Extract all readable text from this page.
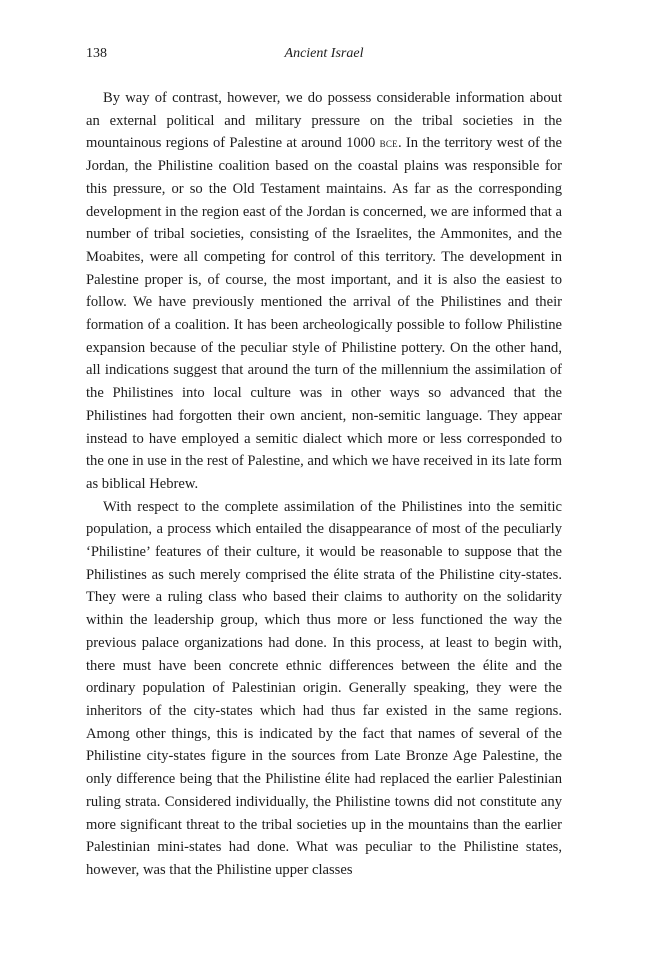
138	Ancient Israel

By way of contrast, however, we do possess considerable information about an external political and military pressure on the tribal societies in the mountainous regions of Palestine at around 1000 bce. In the territory west of the Jordan, the Philistine coalition based on the coastal plains was responsible for this pressure, or so the Old Testament maintains. As far as the corresponding development in the region east of the Jordan is concerned, we are informed that a number of tribal societies, consisting of the Israelites, the Ammonites, and the Moabites, were all competing for control of this territory. The development in Palestine proper is, of course, the most important, and it is also the easiest to follow. We have previously mentioned the arrival of the Philistines and their formation of a coalition. It has been archeologically possible to follow Philistine expansion because of the peculiar style of Philistine pottery. On the other hand, all indications suggest that around the turn of the millennium the assimilation of the Philistines into local culture was in other ways so advanced that the Philistines had forgotten their own ancient, non-semitic language. They appear instead to have employed a semitic dialect which more or less corresponded to the one in use in the rest of Palestine, and which we have received in its late form as biblical Hebrew.

With respect to the complete assimilation of the Philistines into the semitic population, a process which entailed the disappearance of most of the peculiarly ‘Philistine’ features of their culture, it would be reasonable to suppose that the Philistines as such merely comprised the élite strata of the Philistine city-states. They were a ruling class who based their claims to authority on the solidarity within the leadership group, which thus more or less functioned the way the previous palace organizations had done. In this process, at least to begin with, there must have been concrete ethnic differences between the élite and the ordinary population of Palestinian origin. Generally speaking, they were the inheritors of the city-states which had thus far existed in the same regions. Among other things, this is indicated by the fact that names of several of the Philistine city-states figure in the sources from Late Bronze Age Palestine, the only difference being that the Philistine élite had replaced the earlier Palestinian ruling strata. Considered individually, the Philistine towns did not constitute any more significant threat to the tribal societies up in the mountains than the earlier Palestinian mini-states had done. What was peculiar to the Philistine states, however, was that the Philistine upper classes
